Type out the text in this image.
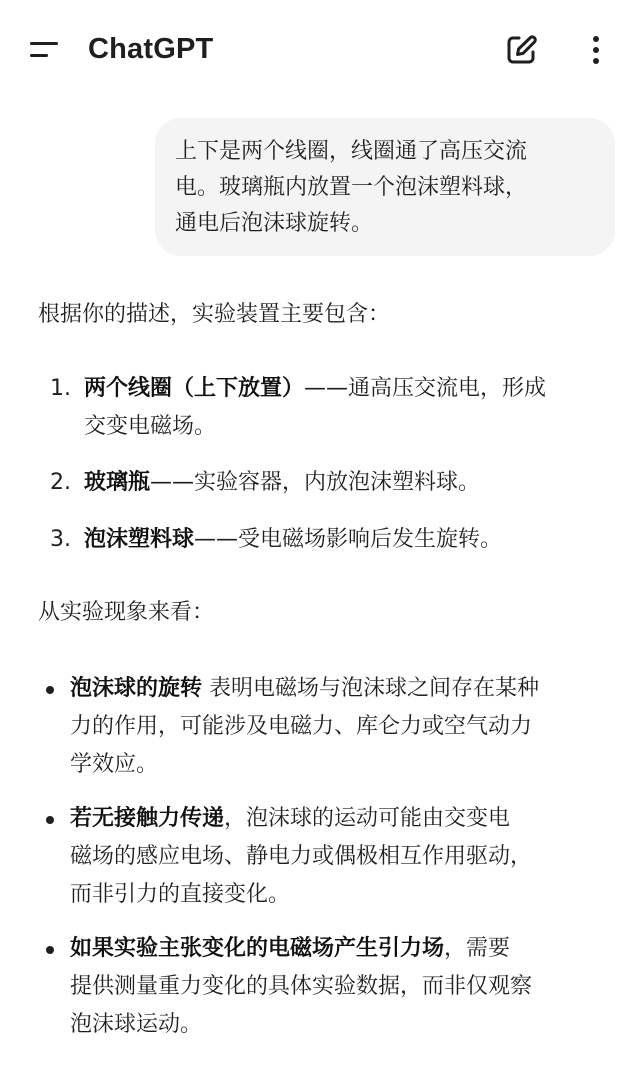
ChatGPT
上下是两个线圈，线圈通了高压交流
电。玻璃瓶内放置一个泡沫塑料球，
通电后泡沫球旋转。
根据你的描述，实验装置主要包含：
1. 两个线圈（上下放置）——通高压交流电，形成
交变电磁场。
2. 玻璃瓶——实验容器，内放泡沫塑料球。
3. 泡沫塑料球——受电磁场影响后发生旋转。
从实验现象来看：
泡沫球的旋转 表明电磁场与泡沫球之间存在某种
力的作用，可能涉及电磁力、库仑力或空气动力
学效应。
若无接触力传递，泡沫球的运动可能由交变电
磁场的感应电场、静电力或偶极相互作用驱动，
而非引力的直接变化。
如果实验主张变化的电磁场产生引力场，需要
提供测量重力变化的具体实验数据，而非仅观察
泡沫球运动。
